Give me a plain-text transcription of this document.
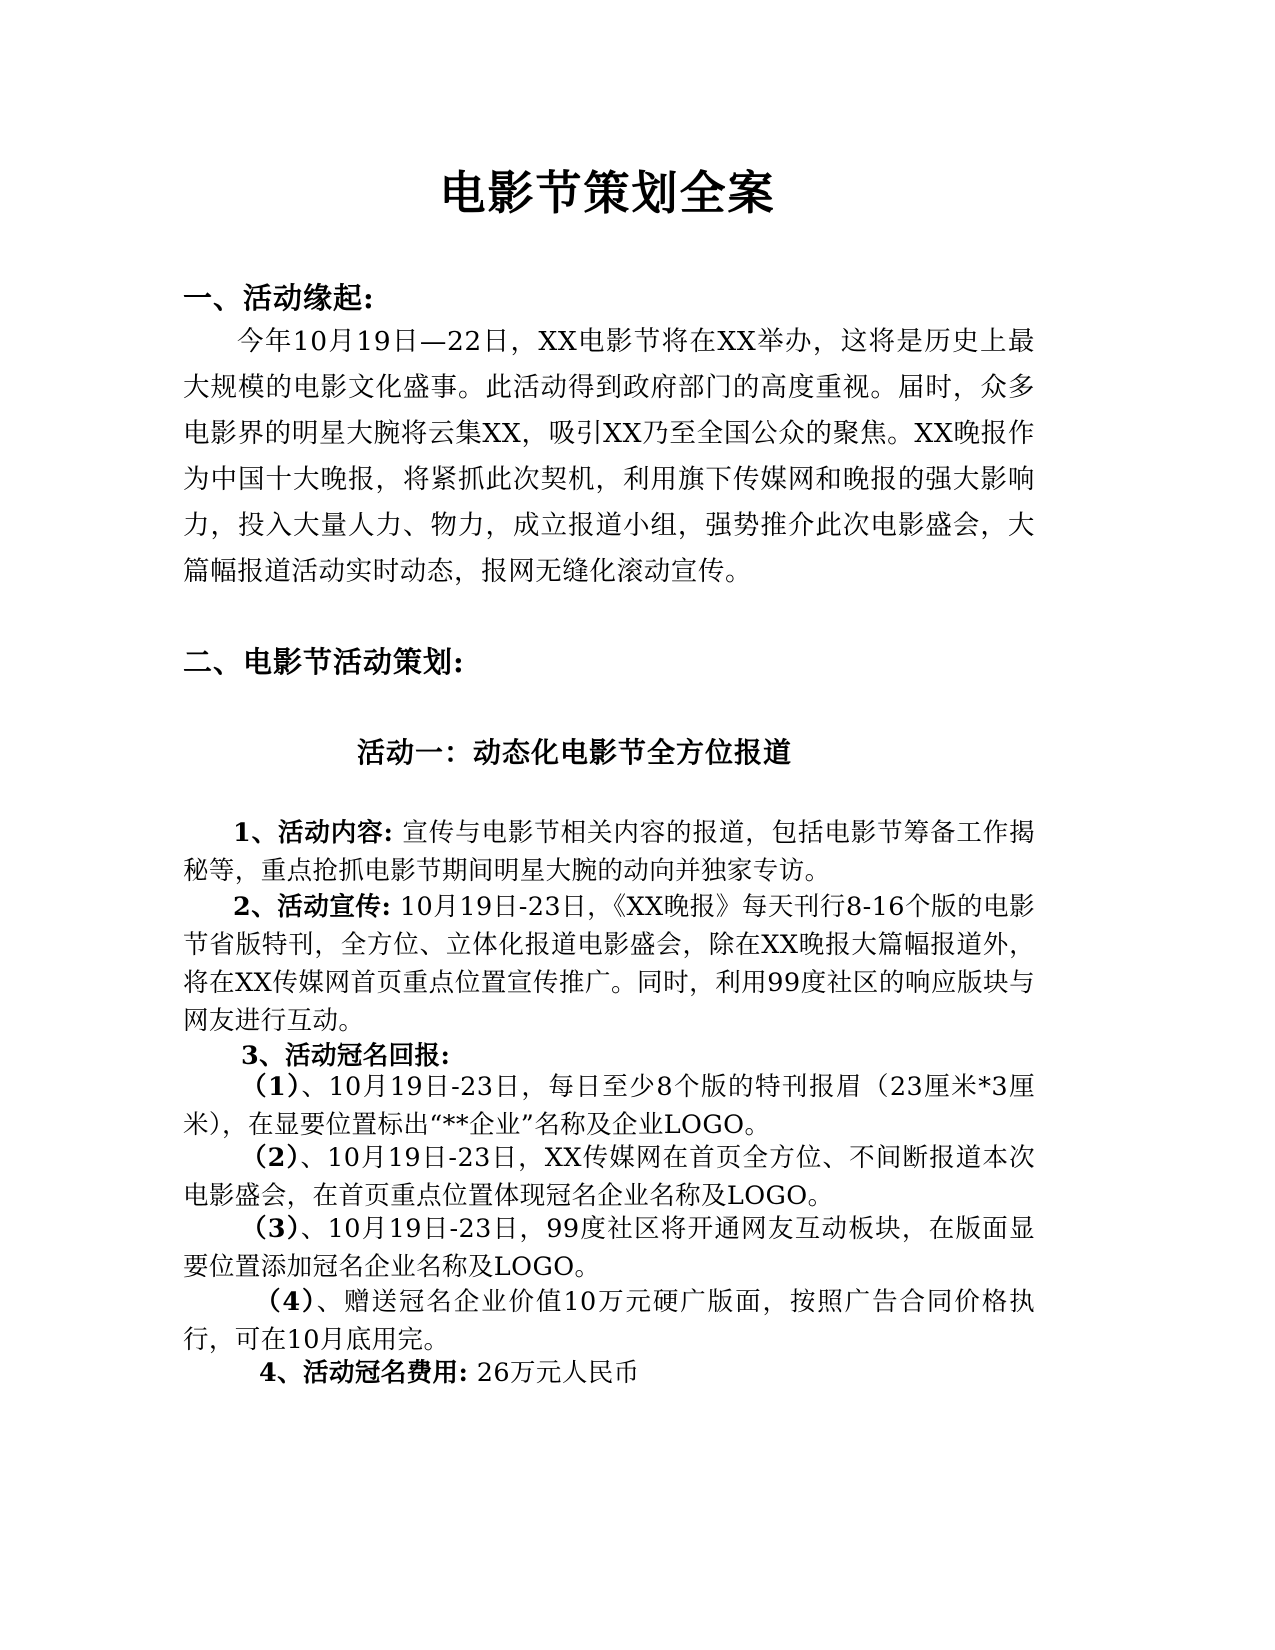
电影节策划全案
一、活动缘起:

今年10月19日—22日，XX电影节将在XX举办，这将是历史上最大规模的电影文化盛事。此活动得到政府部门的高度重视。届时，众多电影界的明星大腕将云集XX，吸引XX乃至全国公众的聚焦。XX晚报作为中国十大晚报，将紧抓此次契机，利用旗下传媒网和晚报的强大影响力，投入大量人力、物力，成立报道小组，强势推介此次电影盛会，大篇幅报道活动实时动态，报网无缝化滚动宣传。

二、电影节活动策划:
活动一：动态化电影节全方位报道

1、活动内容: 宣传与电影节相关内容的报道，包括电影节筹备工作揭秘等，重点抢抓电影节期间明星大腕的动向并独家专访。

2、活动宣传: 10月19日-23日，《XX晚报》每天刊行8-16个版的电影节省版特刊，全方位、立体化报道电影盛会，除在XX晚报大篇幅报道外，将在XX传媒网首页重点位置宣传推广。同时，利用99度社区的响应版块与网友进行互动。

3、活动冠名回报:

（1）、10月19日-23日，每日至少8个版的特刊报眉（23厘米*3厘米），在显要位置标出“**企业”名称及企业LOGO。

（2）、10月19日-23日，XX传媒网在首页全方位、不间断报道本次电影盛会，在首页重点位置体现冠名企业名称及LOGO。

（3）、10月19日-23日，99度社区将开通网友互动板块，在版面显要位置添加冠名企业名称及LOGO。

（4）、赠送冠名企业价值10万元硬广版面，按照广告合同价格执行，可在10月底用完。

4、活动冠名费用: 26万元人民币
